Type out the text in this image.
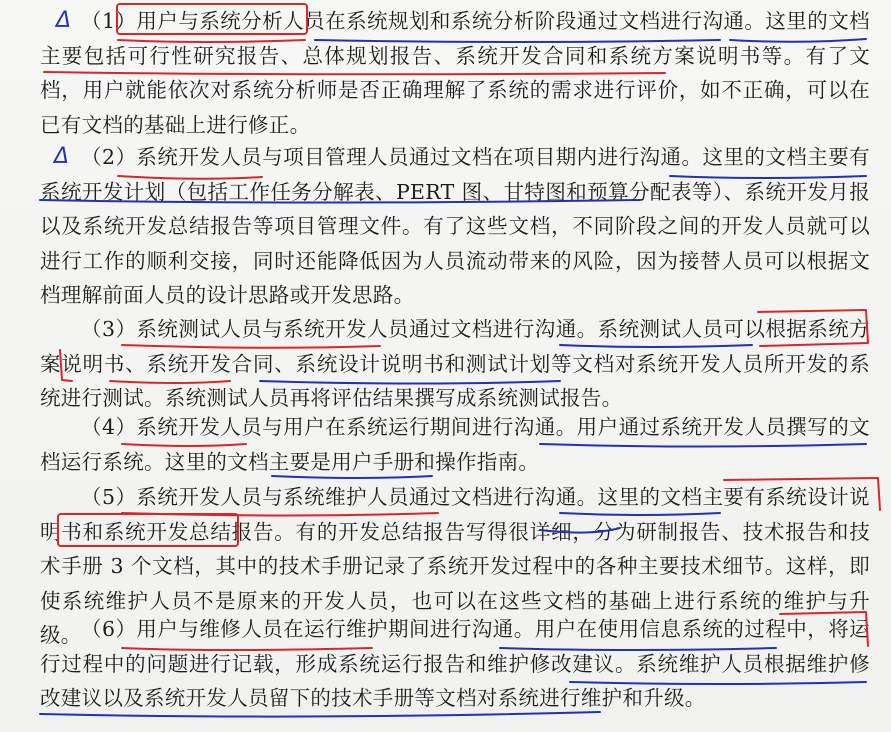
（1）用户与系统分析人员在系统规划和系统分析阶段通过文档进行沟通。这里的文档主要包括可行性研究报告、总体规划报告、系统开发合同和系统方案说明书等。有了文档，用户就能依次对系统分析师是否正确理解了系统的需求进行评价，如不正确，可以在已有文档的基础上进行修正。

（2）系统开发人员与项目管理人员通过文档在项目期内进行沟通。这里的文档主要有系统开发计划（包括工作任务分解表、PERT 图、甘特图和预算分配表等）、系统开发月报以及系统开发总结报告等项目管理文件。有了这些文档，不同阶段之间的开发人员就可以进行工作的顺利交接，同时还能降低因为人员流动带来的风险，因为接替人员可以根据文档理解前面人员的设计思路或开发思路。

（3）系统测试人员与系统开发人员通过文档进行沟通。系统测试人员可以根据系统方案说明书、系统开发合同、系统设计说明书和测试计划等文档对系统开发人员所开发的系统进行测试。系统测试人员再将评估结果撰写成系统测试报告。

（4）系统开发人员与用户在系统运行期间进行沟通。用户通过系统开发人员撰写的文档运行系统。这里的文档主要是用户手册和操作指南。

（5）系统开发人员与系统维护人员通过文档进行沟通。这里的文档主要有系统设计说明书和系统开发总结报告。有的开发总结报告写得很详细，分为研制报告、技术报告和技术手册 3 个文档，其中的技术手册记录了系统开发过程中的各种主要技术细节。这样，即使系统维护人员不是原来的开发人员，也可以在这些文档的基础上进行系统的维护与升级。 （6）用户与维修人员在运行维护期间进行沟通。用户在使用信息系统的过程中，将运行过程中的问题进行记载，形成系统运行报告和维护修改建议。系统维护人员根据维护修改建议以及系统开发人员留下的技术手册等文档对系统进行维护和升级。

Δ
Δ
